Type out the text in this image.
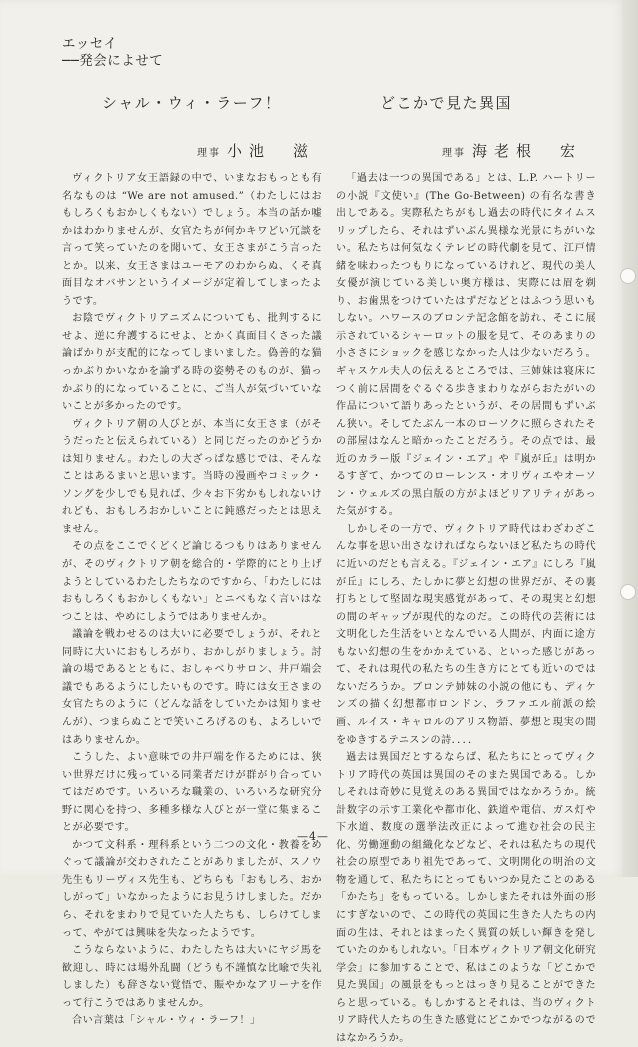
エッセイ
──発会によせて
シャル・ウィ・ラーフ！
理事 小池　滋
どこかで見た異国
理事 海老根　宏

ヴィクトリア女王語録の中で、いまなおもっとも有名なものは “We are not amused.”（わたしにはおもしろくもおかしくもない）でしょう。本当の話か嘘かはわかりませんが、女官たちが何かキワどい冗談を言って笑っていたのを聞いて、女王さまがこう言ったとか。以来、女王さまはユーモアのわからぬ、くそ真面目なオバサンというイメージが定着してしまったようです。

お陰でヴィクトリアニズムについても、批判するにせよ、逆に弁護するにせよ、とかく真面目くさった議論ばかりが支配的になってしまいました。偽善的な猫っかぶりかいなかを論ずる時の姿勢そのものが、猫っかぶり的になっていることに、ご当人が気づいていないことが多かったのです。

ヴィクトリア朝の人びとが、本当に女王さま（がそうだったと伝えられている）と同じだったのかどうかは知りません。わたしの大ざっぱな感じでは、そんなことはあるまいと思います。当時の漫画やコミック・ソングを少しでも見れば、少々お下劣かもしれないけれども、おもしろおかしいことに鈍感だったとは思えません。

その点をここでくどくど論じるつもりはありませんが、そのヴィクトリア朝を総合的・学際的にとり上げようとしているわたしたちなのですから、「わたしにはおもしろくもおかしくもない」とニべもなく言いはなつことは、やめにしようではありませんか。

議論を戦わせるのは大いに必要でしょうが、それと同時に大いにおもしろがり、おかしがりましょう。討論の場であるとともに、おしゃべりサロン、井戸端会議でもあるようにしたいものです。時には女王さまの女官たちのように（どんな話をしていたかは知りませんが）、つまらぬことで笑いころげるのも、よろしいではありませんか。

こうした、よい意味での井戸端を作るためには、狭い世界だけに残っている同業者だけが群がり合っていてはだめです。いろいろな職業の、いろいろな研究分野に関心を持つ、多種多様な人びとが一堂に集まることが必要です。

かつて文科系・理科系という二つの文化・教養をめぐって議論が交わされたことがありましたが、スノウ先生もリーヴィス先生も、どちらも「おもしろ、おかしがって」いなかったようにお見うけしました。だから、それをまわりで見ていた人たちも、しらけてしまって、やがては興味を失なったようです。

こうならないように、わたしたちは大いにヤジ馬を歓迎し、時には場外乱闘（どうも不謹慎な比喩で失礼しました）も辞さない覚悟で、賑やかなアリーナを作って行こうではありませんか。

合い言葉は「シャル・ウィ・ラーフ！」

「過去は一つの異国である」とは、L.P. ハートリーの小説『文使い』(The Go-Between) の有名な書き出しである。実際私たちがもし過去の時代にタイムスリップしたら、それはずいぶん異様な光景にちがいない。私たちは何気なくテレビの時代劇を見て、江戸情緒を味わったつもりになっているけれど、現代の美人女優が演じている美しい奥方様は、実際には眉を剃り、お歯黒をつけていたはずだなどとはふつう思いもしない。ハワースのブロンテ記念館を訪れ、そこに展示されているシャーロットの服を見て、そのあまりの小ささにショックを感じなかった人は少ないだろう。ギャスケル夫人の伝えるところでは、三姉妹は寝床につく前に居間をぐるぐる歩きまわりながらおたがいの作品について語りあったというが、その居間もずいぶん狭い。そしてたぶん一本のローソクに照らされたその部屋はなんと暗かったことだろう。その点では、最近のカラー版『ジェイン・エア』や『嵐が丘』は明かるすぎて、かつてのローレンス・オリヴィエやオーソン・ウェルズの黒白版の方がよほどリアリティがあった気がする。

しかしその一方で、ヴィクトリア時代はわざわざこんな事を思い出さなければならないほど私たちの時代に近いのだとも言える。『ジェイン・エア』にしろ『嵐が丘』にしろ、たしかに夢と幻想の世界だが、その裏打ちとして堅固な現実感覚があって、その現実と幻想の間のギャップが現代的なのだ。この時代の芸術には文明化した生活をいとなんでいる人間が、内面に途方もない幻想の生をかかえている、といった感じがあって、それは現代の私たちの生き方にとても近いのではないだろうか。ブロンテ姉妹の小説の他にも、ディケンズの描く幻想都市ロンドン、ラファエル前派の絵画、ルイス・キャロルのアリス物語、夢想と現実の間をゆきするテニスンの詩．．．．

過去は異国だとするならば、私たちにとってヴィクトリア時代の英国は異国のそのまた異国である。しかしそれは奇妙に見覚えのある異国ではなかろうか。統計数字の示す工業化や都市化、鉄道や電信、ガス灯や下水道、数度の選挙法改正によって進む社会の民主化、労働運動の組織化などなど、それは私たちの現代社会の原型であり祖先であって、文明開化の明治の文物を通して、私たちにとってもいつか見たことのある「かたち」をもっている。しかしまたそれは外面の形にすぎないので、この時代の英国に生きた人たちの内面の生は、それとはまったく異質の妖しい輝きを発していたのかもしれない。「日本ヴィクトリア朝文化研究学会」に参加することで、私はこのような「どこかで見た異国」の風景をもっとはっきり見ることができたらと思っている。もしかするとそれは、当のヴィクトリア時代人たちの生きた感覚にどこかでつながるのではなかろうか。

—4—
